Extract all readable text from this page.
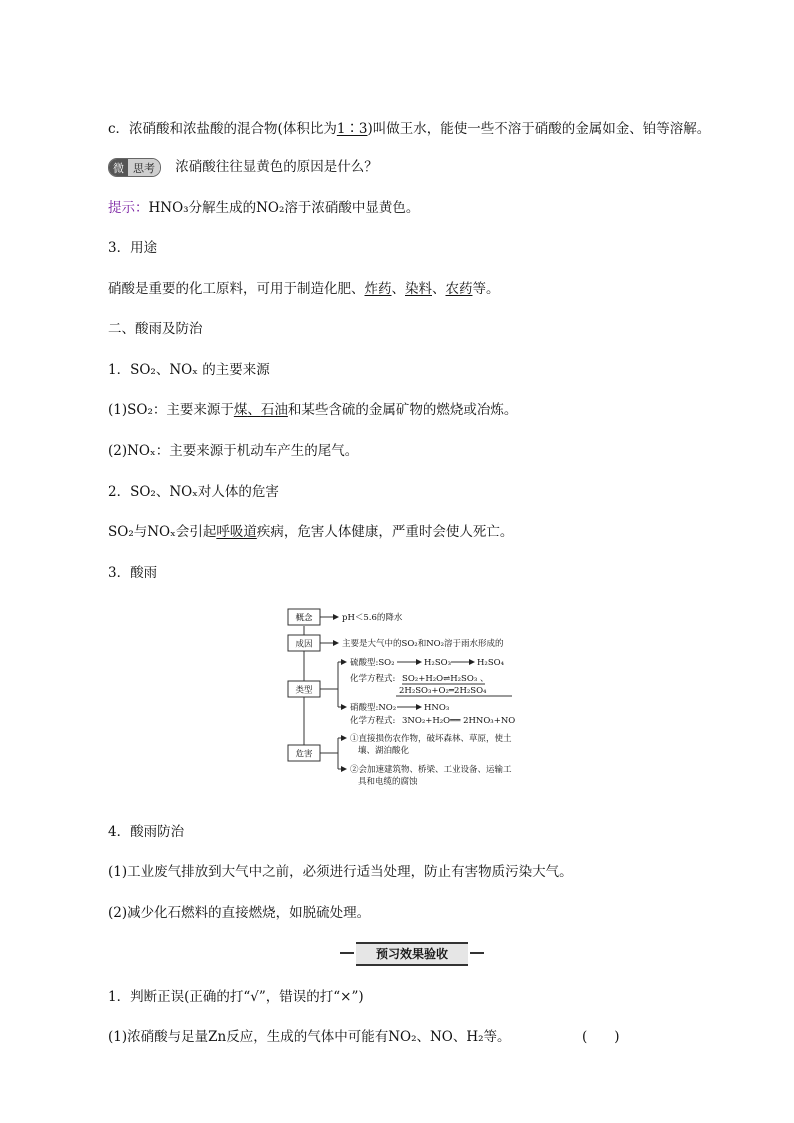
c．浓硝酸和浓盐酸的混合物(体积比为1∶3)叫做王水，能使一些不溶于硝酸的金属如金、铂等溶解。
微 思考	浓硝酸往往显黄色的原因是什么？
提示：HNO₃分解生成的NO₂溶于浓硝酸中显黄色。
3．用途
硝酸是重要的化工原料，可用于制造化肥、炸药、染料、农药等。
二、酸雨及防治
1．SO₂、NOₓ 的主要来源
(1)SO₂：主要来源于煤、石油和某些含硫的金属矿物的燃烧或冶炼。
(2)NOₓ：主要来源于机动车产生的尾气。
2．SO₂、NOₓ对人体的危害
SO₂与NOₓ会引起呼吸道疾病，危害人体健康，严重时会使人死亡。
3．酸雨
概念
成因
类型
危害
pH＜5.6的降水
主要是大气中的SO₂和NO₂溶于雨水形成的
硫酸型:SO₂	H₂SO₃	H₂SO₄
化学方程式: SO₂+H₂O⇌H₂SO₃ 、
2H₂SO₃+O₂═2H₂SO₄
硝酸型:NO₂	HNO₃
化学方程式: 3NO₂+H₂O══ 2HNO₃+NO
①直接损伤农作物，破坏森林、草原，使土
壤、湖泊酸化
②会加速建筑物、桥梁、工业设备、运输工
具和电缆的腐蚀
4．酸雨防治
(1)工业废气排放到大气中之前，必须进行适当处理，防止有害物质污染大气。
(2)减少化石燃料的直接燃烧，如脱硫处理。
预习效果验收
1．判断正误(正确的打“√”，错误的打“×”)
(1)浓硝酸与足量Zn反应，生成的气体中可能有NO₂、NO、H₂等。	(　　)
